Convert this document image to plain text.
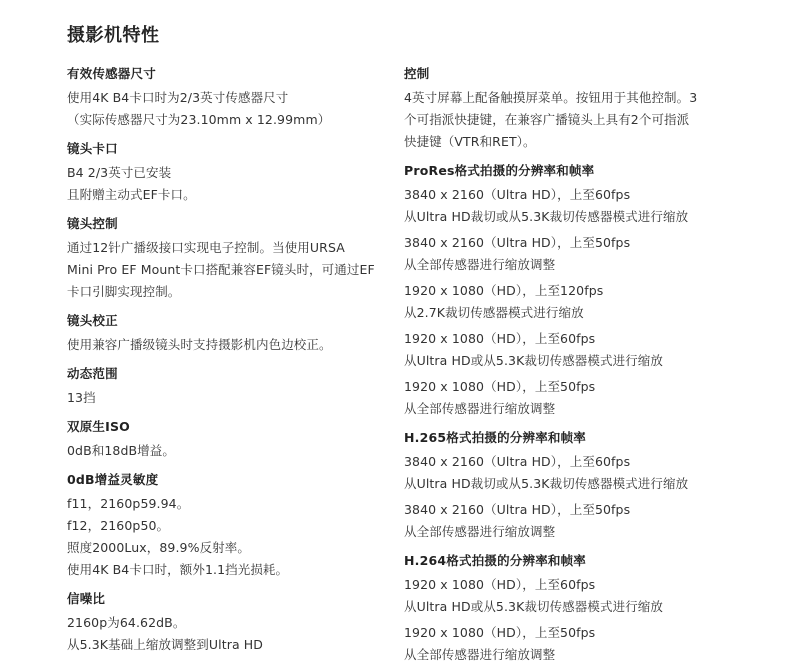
摄影机特性

有效传感器尺寸

使用4K B4卡口时为2/3英寸传感器尺寸

（实际传感器尺寸为23.10mm x 12.99mm）

镜头卡口

B4 2/3英寸已安装

且附赠主动式EF卡口。

镜头控制

通过12针广播级接口实现电子控制。当使用URSA

Mini Pro EF Mount卡口搭配兼容EF镜头时，可通过EF

卡口引脚实现控制。

镜头校正

使用兼容广播级镜头时支持摄影机内色边校正。

动态范围

13挡

双原生ISO

0dB和18dB增益。

0dB增益灵敏度

f11，2160p59.94。

f12，2160p50。

照度2000Lux，89.9%反射率。

使用4K B4卡口时，额外1.1挡光损耗。

信噪比

2160p为64.62dB。

从5.3K基础上缩放调整到Ultra HD

控制

4英寸屏幕上配备触摸屏菜单。按钮用于其他控制。3

个可指派快捷键，在兼容广播镜头上具有2个可指派

快捷键（VTR和RET）。

ProRes格式拍摄的分辨率和帧率

3840 x 2160（Ultra HD），上至60fps

从Ultra HD裁切或从5.3K裁切传感器模式进行缩放

3840 x 2160（Ultra HD），上至50fps

从全部传感器进行缩放调整

1920 x 1080（HD），上至120fps

从2.7K裁切传感器模式进行缩放

1920 x 1080（HD），上至60fps

从Ultra HD或从5.3K裁切传感器模式进行缩放

1920 x 1080（HD），上至50fps

从全部传感器进行缩放调整

H.265格式拍摄的分辨率和帧率

3840 x 2160（Ultra HD），上至60fps

从Ultra HD裁切或从5.3K裁切传感器模式进行缩放

3840 x 2160（Ultra HD），上至50fps

从全部传感器进行缩放调整

H.264格式拍摄的分辨率和帧率

1920 x 1080（HD），上至60fps

从Ultra HD或从5.3K裁切传感器模式进行缩放

1920 x 1080（HD），上至50fps

从全部传感器进行缩放调整
